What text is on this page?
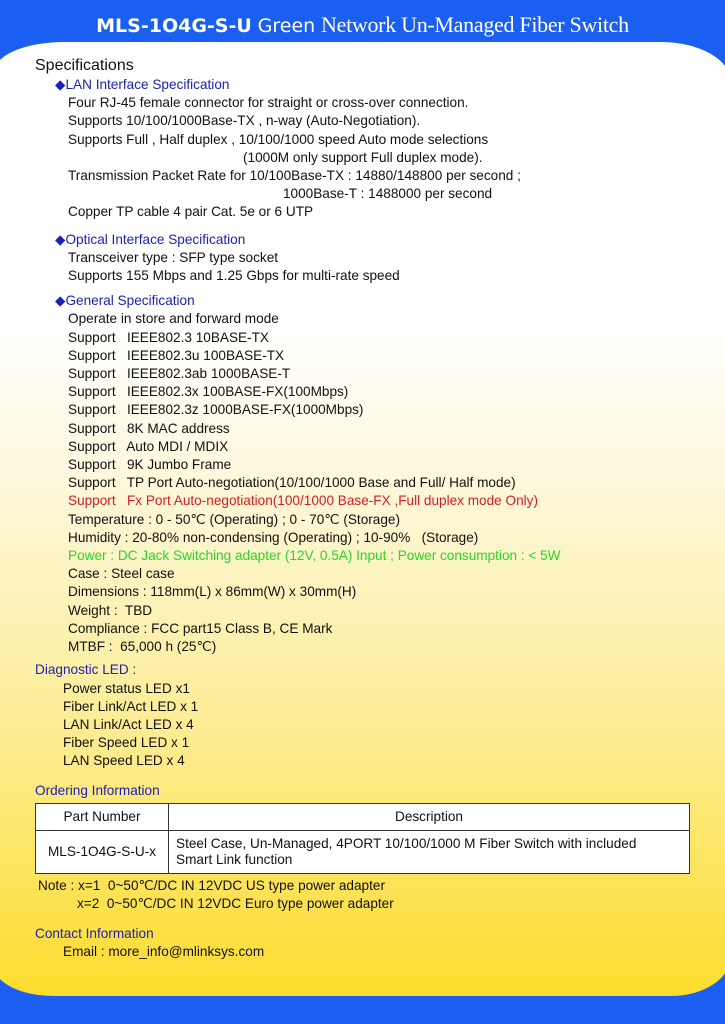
MLS-1O4G-S-U Green Network Un-Managed Fiber Switch
Specifications
◆LAN Interface Specification
Four RJ-45 female connector for straight or cross-over connection.
Supports 10/100/1000Base-TX , n-way (Auto-Negotiation).
Supports Full , Half duplex , 10/100/1000 speed Auto mode selections
(1000M only support Full duplex mode).
Transmission Packet Rate for 10/100Base-TX : 14880/148800 per second ;
1000Base-T : 1488000 per second
Copper TP cable 4 pair Cat. 5e or 6 UTP
◆Optical Interface Specification
Transceiver type : SFP type socket
Supports 155 Mbps and 1.25 Gbps for multi-rate speed
◆General Specification
Operate in store and forward mode
Support   IEEE802.3 10BASE-TX
Support   IEEE802.3u 100BASE-TX
Support   IEEE802.3ab 1000BASE-T
Support   IEEE802.3x 100BASE-FX(100Mbps)
Support   IEEE802.3z 1000BASE-FX(1000Mbps)
Support   8K MAC address
Support   Auto MDI / MDIX
Support   9K Jumbo Frame
Support   TP Port Auto-negotiation(10/100/1000 Base and Full/ Half mode)
Support   Fx Port Auto-negotiation(100/1000 Base-FX ,Full duplex mode Only)
Temperature : 0 - 50℃ (Operating) ; 0 - 70℃ (Storage)
Humidity : 20-80% non-condensing (Operating) ; 10-90%   (Storage)
Power : DC Jack Switching adapter (12V, 0.5A) Input ; Power consumption : < 5W
Case : Steel case
Dimensions : 118mm(L) x 86mm(W) x 30mm(H)
Weight :  TBD
Compliance : FCC part15 Class B, CE Mark
MTBF :  65,000 h (25℃)
Diagnostic LED :
Power status LED x1
Fiber Link/Act LED x 1
LAN Link/Act LED x 4
Fiber Speed LED x 1
LAN Speed LED x 4
Ordering Information
Part Number	Description
MLS-1O4G-S-U-x	Steel Case, Un-Managed, 4PORT 10/100/1000 M Fiber Switch with included
Smart Link function
Note : x=1  0~50℃/DC IN 12VDC US type power adapter
x=2  0~50℃/DC IN 12VDC Euro type power adapter
Contact Information
Email : more_info@mlinksys.com
